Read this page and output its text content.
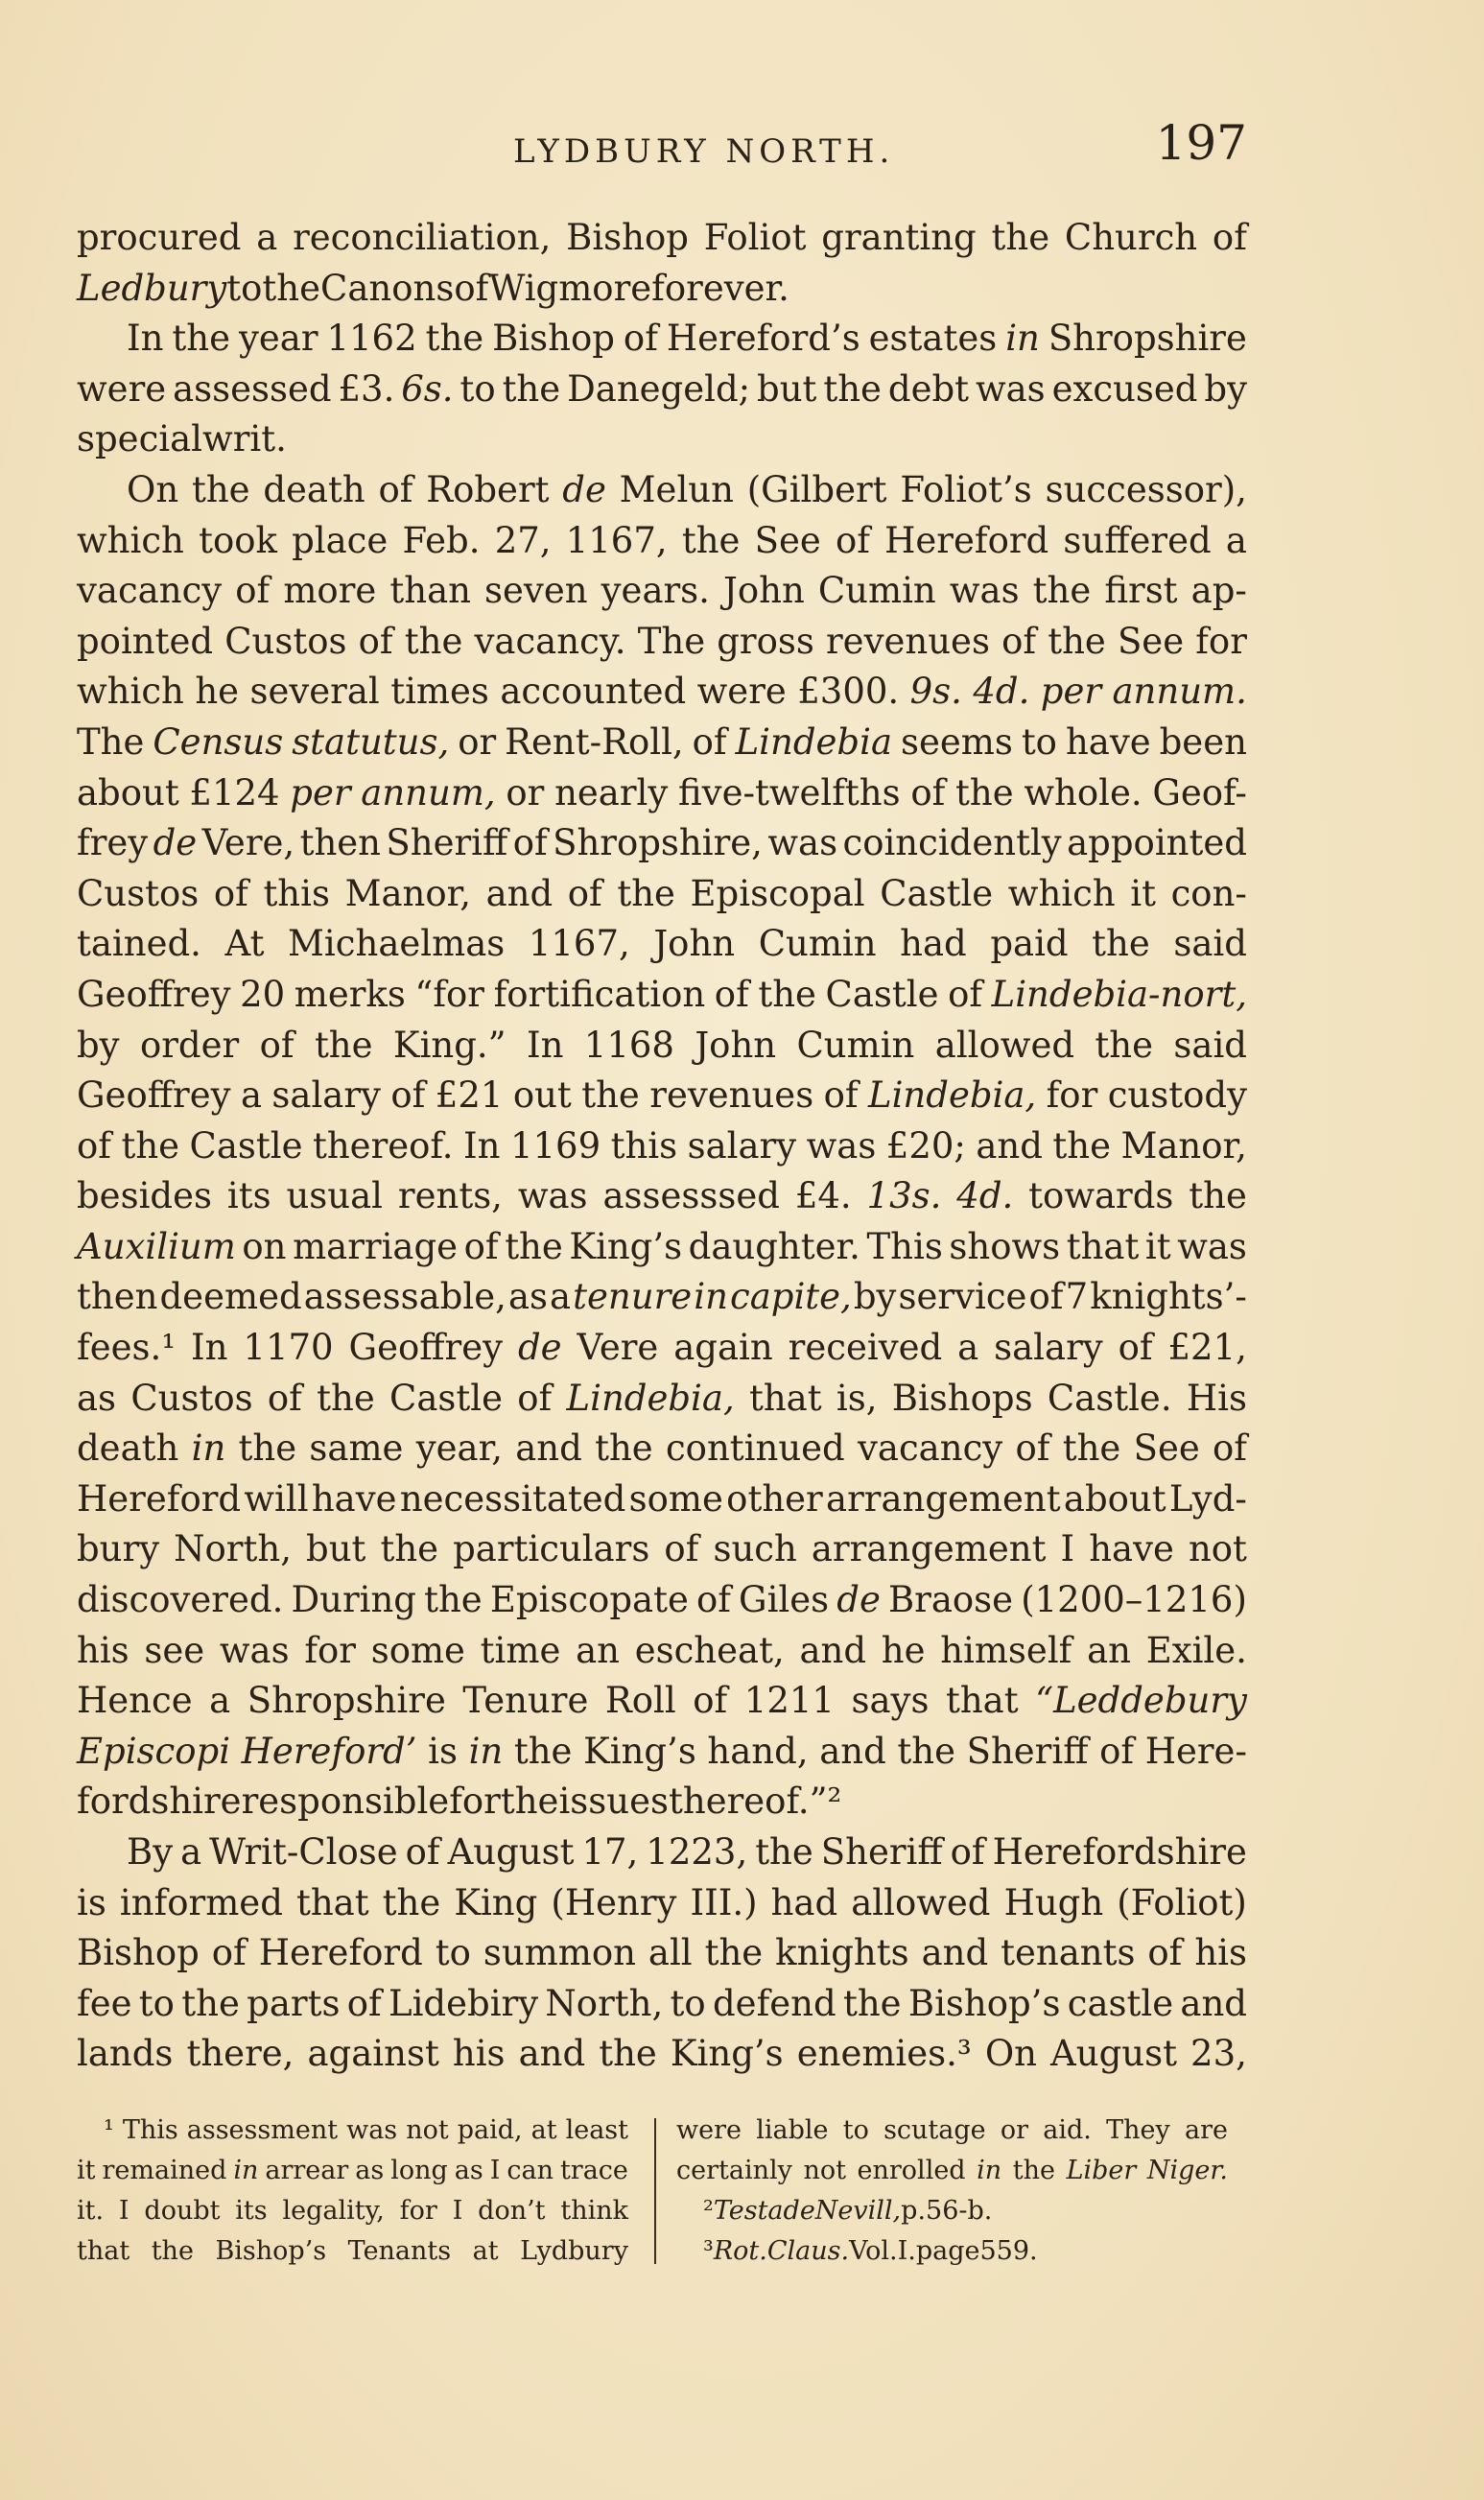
LYDBURY NORTH.	197
procured a reconciliation, Bishop Foliot granting the Church of
Ledbury to the Canons of Wigmore for ever.
In the year 1162 the Bishop of Hereford’s estates in Shropshire
were assessed £3. 6s. to the Danegeld; but the debt was excused by
special writ.
On the death of Robert de Melun (Gilbert Foliot’s successor),
which took place Feb. 27, 1167, the See of Hereford suffered a
vacancy of more than seven years. John Cumin was the first ap-
pointed Custos of the vacancy. The gross revenues of the See for
which he several times accounted were £300. 9s. 4d. per annum.
The Census statutus, or Rent-Roll, of Lindebia seems to have been
about £124 per annum, or nearly five-twelfths of the whole. Geof-
frey de Vere, then Sheriff of Shropshire, was coincidently appointed
Custos of this Manor, and of the Episcopal Castle which it con-
tained. At Michaelmas 1167, John Cumin had paid the said
Geoffrey 20 merks “for fortification of the Castle of Lindebia-nort,
by order of the King.” In 1168 John Cumin allowed the said
Geoffrey a salary of £21 out the revenues of Lindebia, for custody
of the Castle thereof. In 1169 this salary was £20; and the Manor,
besides its usual rents, was assesssed £4. 13s. 4d. towards the
Auxilium on marriage of the King’s daughter. This shows that it was
then deemed assessable, as a tenure in capite, by service of 7 knights’-
fees.¹ In 1170 Geoffrey de Vere again received a salary of £21,
as Custos of the Castle of Lindebia, that is, Bishops Castle. His
death in the same year, and the continued vacancy of the See of
Hereford will have necessitated some other arrangement about Lyd-
bury North, but the particulars of such arrangement I have not
discovered. During the Episcopate of Giles de Braose (1200–1216)
his see was for some time an escheat, and he himself an Exile.
Hence a Shropshire Tenure Roll of 1211 says that “Leddebury
Episcopi Hereford’ is in the King’s hand, and the Sheriff of Here-
fordshire responsible for the issues thereof.”²
By a Writ-Close of August 17, 1223, the Sheriff of Herefordshire
is informed that the King (Henry III.) had allowed Hugh (Foliot)
Bishop of Hereford to summon all the knights and tenants of his
fee to the parts of Lidebiry North, to defend the Bishop’s castle and
lands there, against his and the King’s enemies.³ On August 23,
¹ This assessment was not paid, at least
it remained in arrear as long as I can trace
it. I doubt its legality, for I don’t think
that the Bishop’s Tenants at Lydbury
were liable to scutage or aid. They are
certainly not enrolled in the Liber Niger.
² Testa de Nevill, p. 56-b.
³ Rot. Claus. Vol. I. page 559.
